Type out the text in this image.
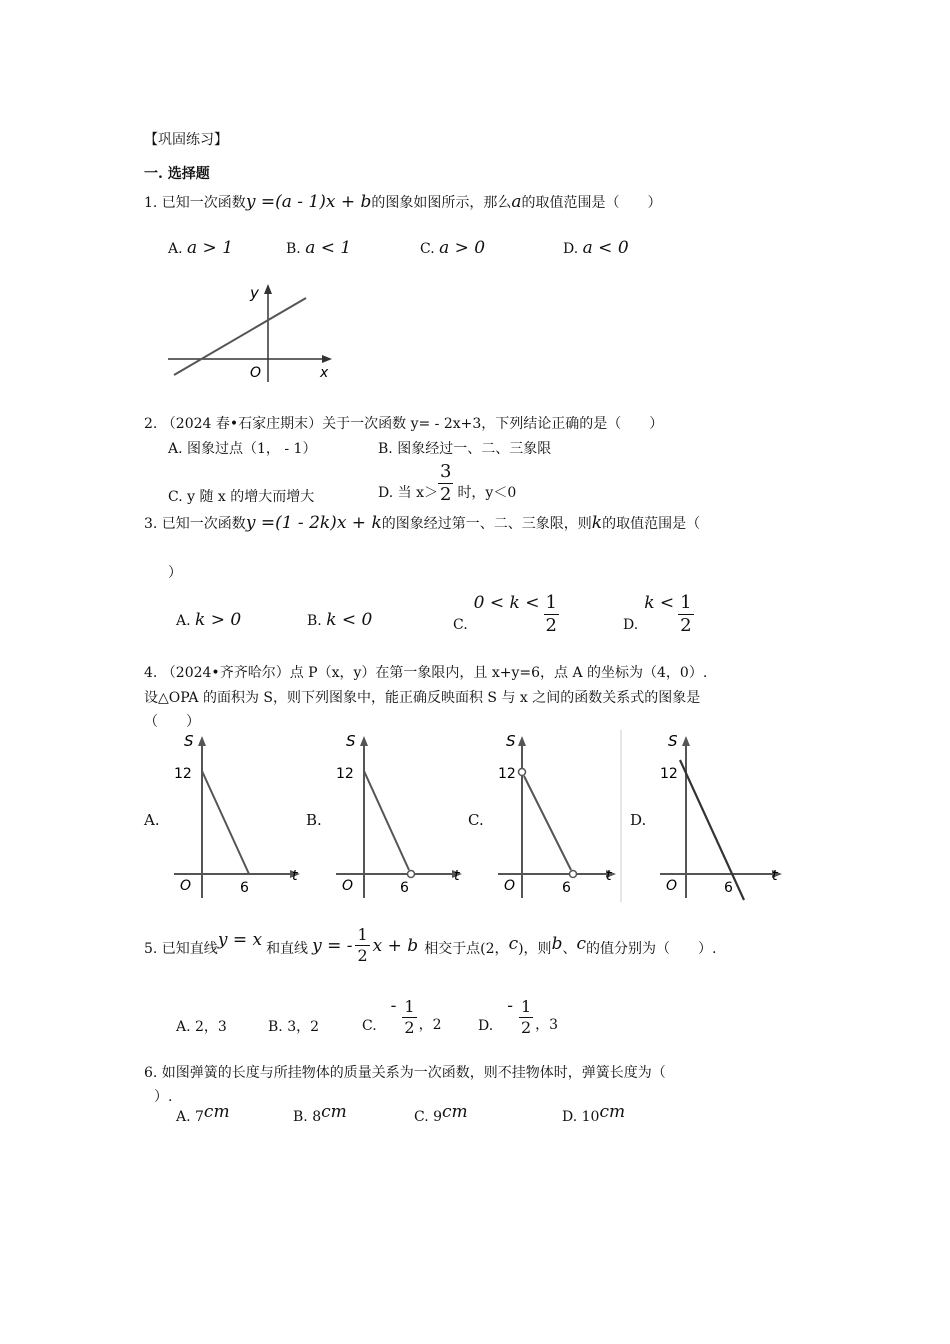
【巩固练习】
一. 选择题
1. 已知一次函数y =(a - 1)x + b的图象如图所示，那么a的取值范围是（　　）
A. a > 1	B. a < 1	C. a > 0	D. a < 0
y
O	x
2. （2024 春•石家庄期末）关于一次函数 y= - 2x+3，下列结论正确的是（　　）
A. 图象过点（1， - 1）	B. 图象经过一、二、三象限
C. y 随 x 的增大而增大	D. 当 $x> \frac{3}{2}$ 时，y＜0
3. 已知一次函数y =(1 - 2k)x + k的图象经过第一、二、三象限，则k的取值范围是（
）
A. k > 0	B. k < 0	C.
$0 < k < \frac{1}{2}$	D.
$k < \frac{1}{2}$
4. （2024•齐齐哈尔）点 P（x，y）在第一象限内，且 x+y=6，点 A 的坐标为（4，0）.
设△OPA 的面积为 S，则下列图象中，能正确反映面积 S 与 x 之间的函数关系式的图象是
（　　）
A.
S
12
O	6
t
B.
S
12
O	6
t
C.
S
12
O	6
t
D.
S
12
O	6
t
5. 已知直线 y = x 和直线 y = - $\frac{1}{2}$ x + b 相交于点(2， c )，则 b 、 c 的值分别为（　　）.
A. 2，3	B. 3，2	C.
- $\frac{1}{2}$ ，2	D.
- $\frac{1}{2}$ ，3
6. 如图弹簧的长度与所挂物体的质量关系为一次函数，则不挂物体时，弹簧长度为（
）.
A. 7cm	B. 8cm	C. 9cm	D. 10cm
